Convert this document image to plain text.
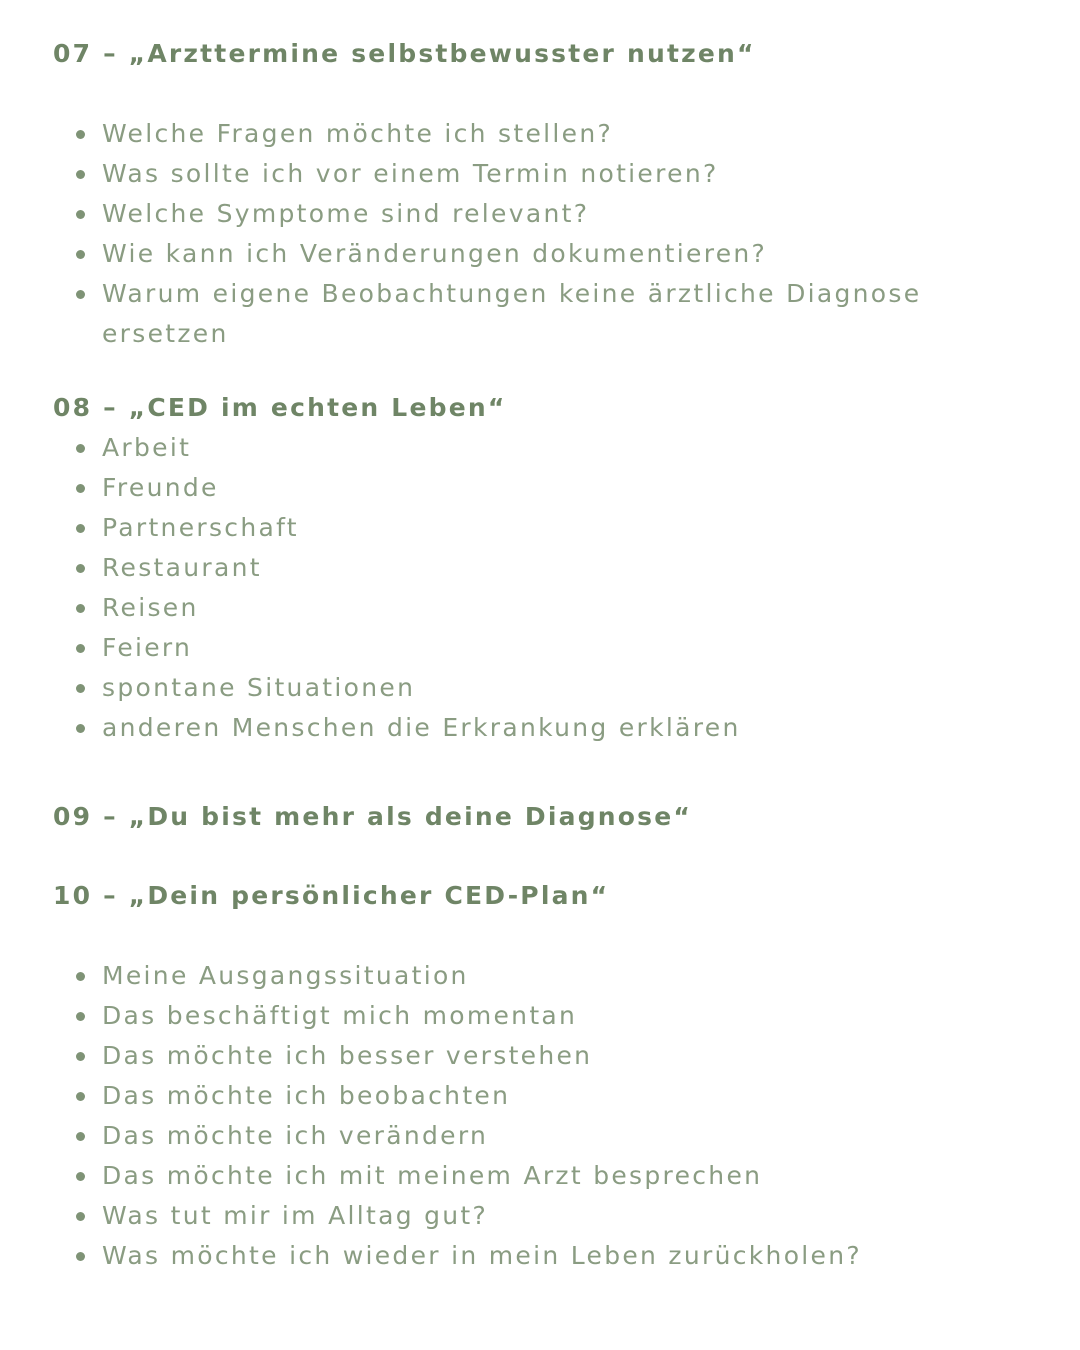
07 – „Arzttermine selbstbewusster nutzen“
Welche Fragen möchte ich stellen?
Was sollte ich vor einem Termin notieren?
Welche Symptome sind relevant?
Wie kann ich Veränderungen dokumentieren?
Warum eigene Beobachtungen keine ärztliche Diagnose ersetzen
08 – „CED im echten Leben“
Arbeit
Freunde
Partnerschaft
Restaurant
Reisen
Feiern
spontane Situationen
anderen Menschen die Erkrankung erklären
09 – „Du bist mehr als deine Diagnose“
10 – „Dein persönlicher CED-Plan“
Meine Ausgangssituation
Das beschäftigt mich momentan
Das möchte ich besser verstehen
Das möchte ich beobachten
Das möchte ich verändern
Das möchte ich mit meinem Arzt besprechen
Was tut mir im Alltag gut?
Was möchte ich wieder in mein Leben zurückholen?
